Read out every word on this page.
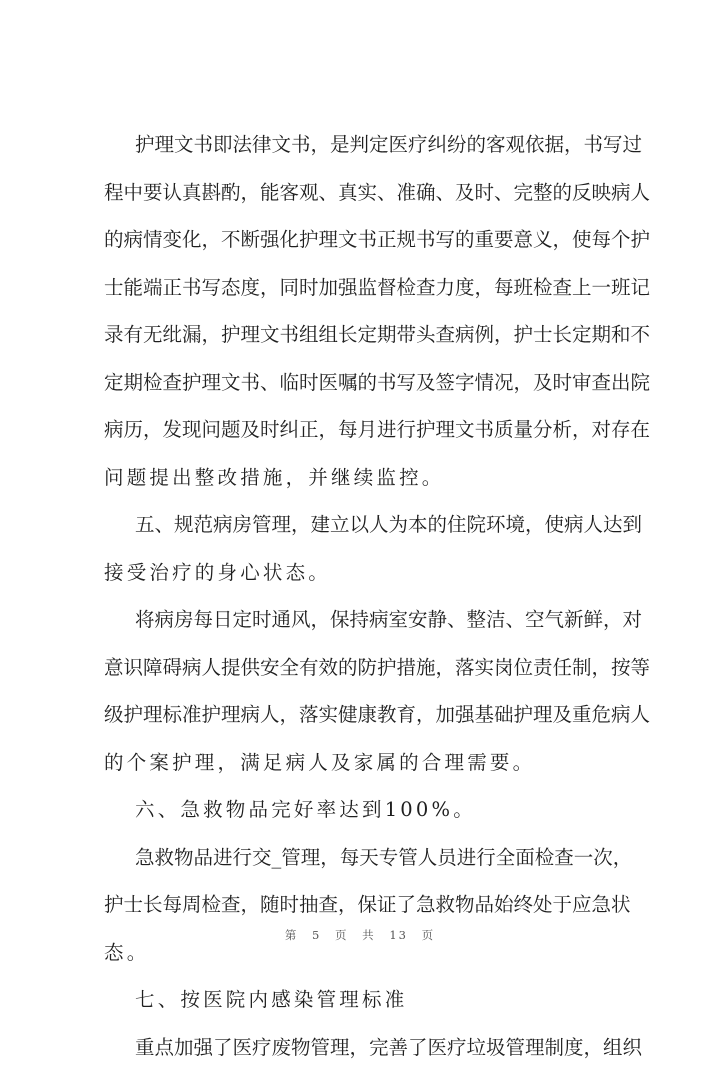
护理文书即法律文书，是判定医疗纠纷的客观依据，书写过
程中要认真斟酌，能客观、真实、准确、及时、完整的反映病人
的病情变化，不断强化护理文书正规书写的重要意义，使每个护
士能端正书写态度，同时加强监督检查力度，每班检查上一班记
录有无纰漏，护理文书组组长定期带头查病例，护士长定期和不
定期检查护理文书、临时医嘱的书写及签字情况，及时审查出院
病历，发现问题及时纠正，每月进行护理文书质量分析，对存在
问题提出整改措施，并继续监控。
五、规范病房管理，建立以人为本的住院环境，使病人达到
接受治疗的身心状态。
将病房每日定时通风，保持病室安静、整洁、空气新鲜，对
意识障碍病人提供安全有效的防护措施，落实岗位责任制，按等
级护理标准护理病人，落实健康教育，加强基础护理及重危病人
的个案护理，满足病人及家属的合理需要。
六、急救物品完好率达到100%。
急救物品进行交_管理，每天专管人员进行全面检查一次，
护士长每周检查，随时抽查，保证了急救物品始终处于应急状
态。
七、按医院内感染管理标准
重点加强了医疗废物管理，完善了医疗垃圾管理制度，组织
第 5 页 共 13 页
